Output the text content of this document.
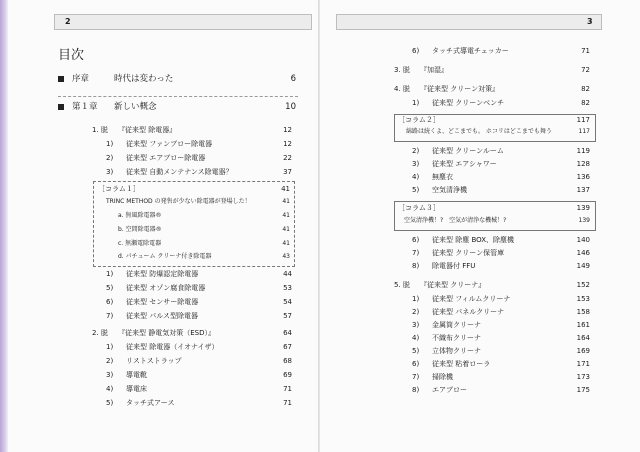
2
目次
序章	時代は変わった	6
第１章 新しい概念	10
1. 脱 『従来型 除電器』	12
1) 従来型 ファンブロー除電器	12
2) 従来型 エアブロー除電器	22
3) 従来型 自動メンテナンス除電器？	37
［コラム１］	41
TRINC METHOD の発售が少ない除電器が登場した！	41
a. 無風除電器®	41
b. 空間除電器®	41
c. 無瀬電除電器	41
d. パチューム クリーナ付き除電器	43
1) 従来型 防爆認定除電器	44
5) 従来型 オゾン腐食除電器	53
6) 従来型 センサー除電器	54
7) 従来型 パルス型除電器	57
2. 脱 『従来型 静電気対策（ESD）』	64
1) 従来型 除電器（イオナイザ）	67
2) リストストラップ	68
3) 導電靴	69
4) 導電床	71
5) タッチ式アース	71
3
6) タッチ式導電チェッカー	71
3. 脱 『加湿』	72
4. 脱 『従来型 クリーン対策』	82
1) 従来型 クリーンベンチ	82
［コラム２］	117
綿路は続くよ、どこまでも。 ホコリはどこまでも舞う	117
2) 従来型 クリーンルーム	119
3) 従来型 エアシャワー	128
4) 無塵衣	136
5) 空気清浄機	137
［コラム３］	139
空気清浄機！?　空気が清浄な機械！?	139
6) 従来型 除塵 BOX、除塵機	140
7) 従来型 クリーン保管庫	146
8) 除電器付 FFU	149
5. 脱 『従来型 クリーナ』	152
1) 従来型 フィルムクリーナ	153
2) 従来型 パネルクリーナ	158
3) 金属筒クリーナ	161
4) 不織布クリーナ	164
5) 立体物クリーナ	169
6) 従来型 粘着ローラ	171
7) 掃除機	173
8) エアブロー	175
